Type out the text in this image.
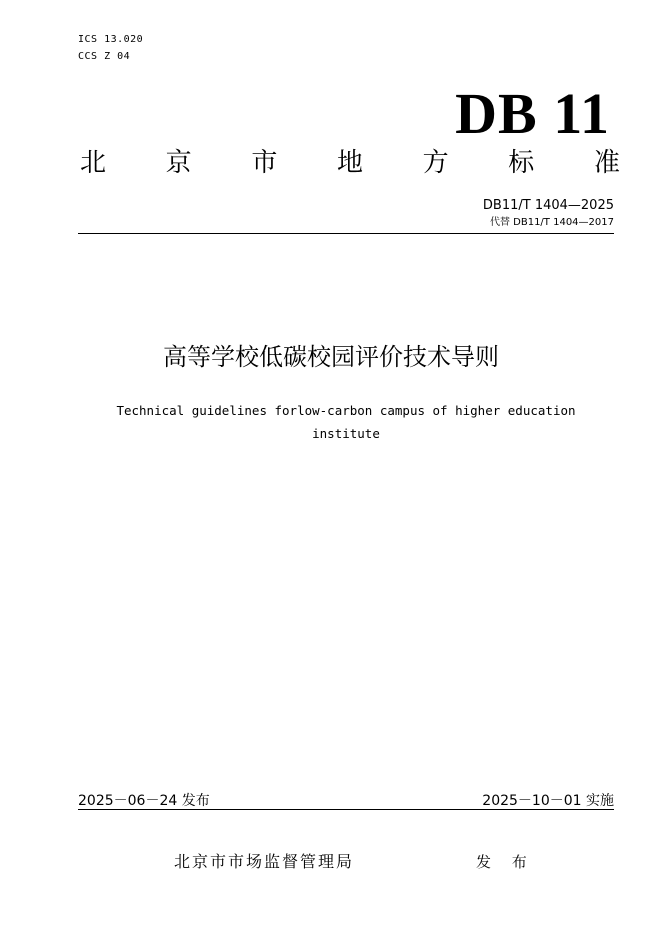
ICS 13.020
CCS Z 04
DB 11
北 京 市 地 方 标 准
DB11/T 1404—2025
代替 DB11/T 1404—2017
高等学校低碳校园评价技术导则
Technical guidelines forlow-carbon campus of higher education institute
2025－06－24 发布	2025－10－01 实施
北京市市场监督管理局	发 布
